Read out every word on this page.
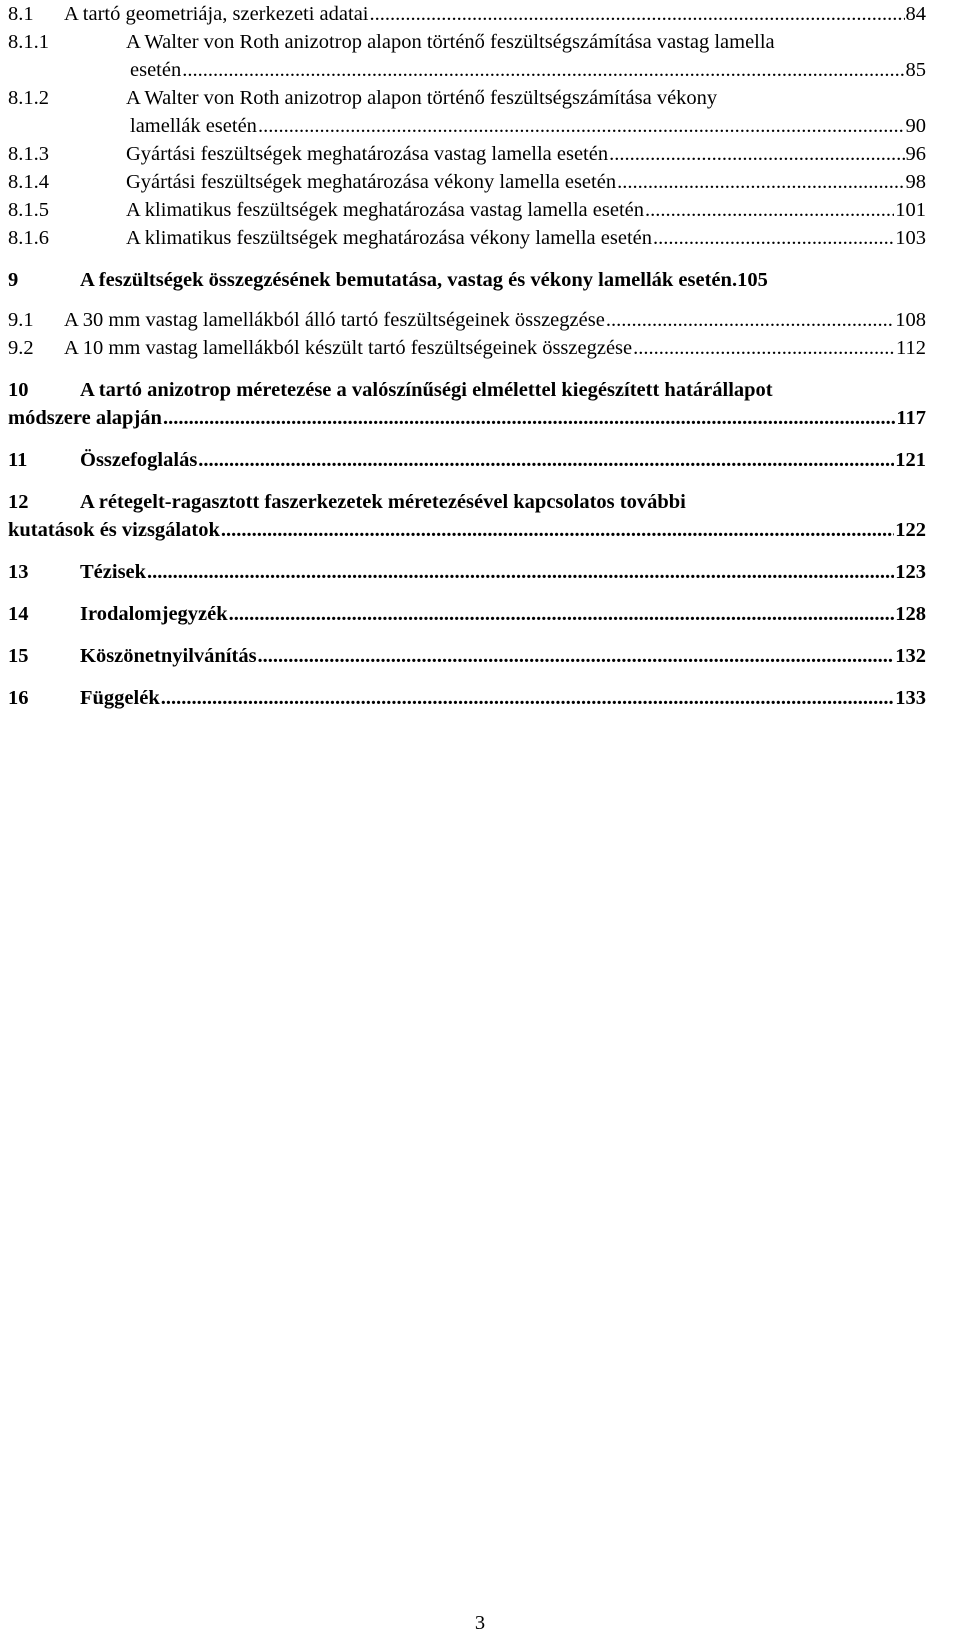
8.1	A tartó geometriája, szerkezeti adatai .....	84
8.1.1	A Walter von Roth anizotrop alapon történő feszültségszámítása vastag lamella
esetén .....	85
8.1.2	A Walter von Roth anizotrop alapon történő feszültségszámítása vékony
lamellák esetén .....	90
8.1.3	Gyártási feszültségek meghatározása vastag lamella esetén .....	96
8.1.4	Gyártási feszültségek meghatározása vékony lamella esetén .....	98
8.1.5	A klimatikus feszültségek meghatározása vastag lamella esetén .....	101
8.1.6	A klimatikus feszültségek meghatározása vékony lamella esetén .....	103
9	A feszültségek összegzésének bemutatása, vastag és vékony lamellák esetén .105
9.1	A 30 mm vastag lamellákból álló tartó feszültségeinek összegzése .....	108
9.2	A 10 mm vastag lamellákból készült tartó feszültségeinek összegzése .....	112
10	A tartó anizotrop méretezése a valószínűségi elmélettel kiegészített határállapot
módszere alapján .....	117
11	Összefoglalás .....	121
12	A rétegelt-ragasztott faszerkezetek méretezésével kapcsolatos további
kutatások és vizsgálatok .....	122
13	Tézisek .....	123
14	Irodalomjegyzék .....	128
15	Köszönetnyilvánítás .....	132
16	Függelék .....	133
3
